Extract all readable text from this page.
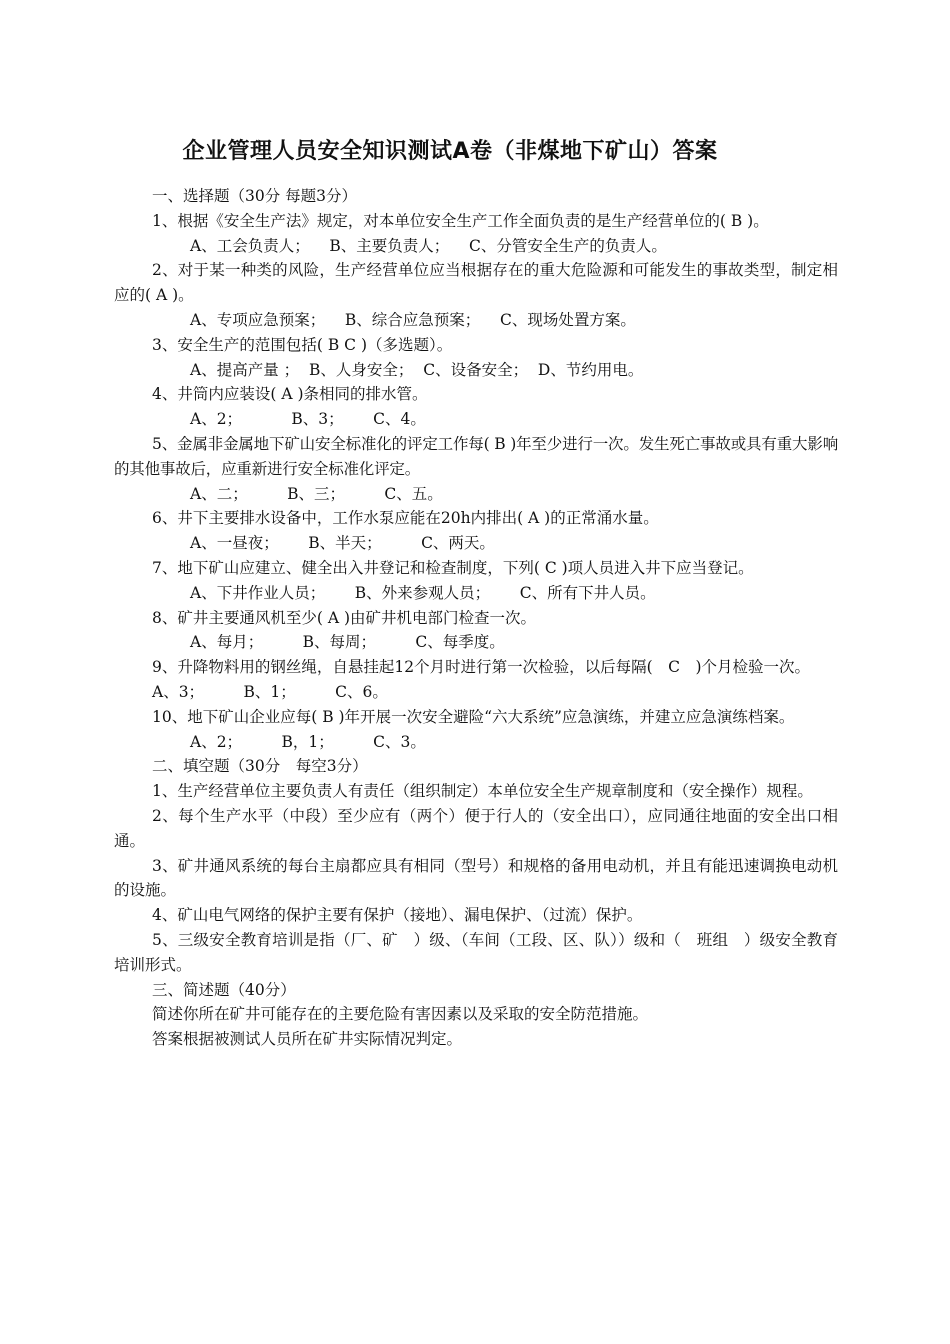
企业管理人员安全知识测试A卷（非煤地下矿山）答案

一、选择题（30分 每题3分）

1、根据《安全生产法》规定，对本单位安全生产工作全面负责的是生产经营单位的( B )。

A、工会负责人；    B、主要负责人；    C、分管安全生产的负责人。

2、对于某一种类的风险，生产经营单位应当根据存在的重大危险源和可能发生的事故类型，制定相应的( A )。

A、专项应急预案；    B、综合应急预案；    C、现场处置方案。

3、安全生产的范围包括( B C )（多选题）。

A、提高产量 ；  B、人身安全；  C、设备安全；  D、节约用电。

4、井筒内应装设( A )条相同的排水管。

A、2；          B、3；      C、4。

5、金属非金属地下矿山安全标准化的评定工作每( B )年至少进行一次。发生死亡事故或具有重大影响的其他事故后，应重新进行安全标准化评定。

A、二；        B、三；        C、五。

6、井下主要排水设备中，工作水泵应能在20h内排出( A )的正常涌水量。

A、一昼夜；      B、半天；        C、两天。

7、地下矿山应建立、健全出入井登记和检查制度，下列( C )项人员进入井下应当登记。

A、下井作业人员；      B、外来参观人员；      C、所有下井人员。

8、矿井主要通风机至少( A )由矿井机电部门检查一次。

A、每月；        B、每周；        C、每季度。

9、升降物料用的钢丝绳，自悬挂起12个月时进行第一次检验，以后每隔(　C　)个月检验一次。

A、3；        B、1；        C、6。

10、地下矿山企业应每( B )年开展一次安全避险“六大系统”应急演练，并建立应急演练档案。

A、2；        B，1；        C、3。

二、填空题（30分　每空3分）

1、生产经营单位主要负责人有责任（组织制定）本单位安全生产规章制度和（安全操作）规程。

2、每个生产水平（中段）至少应有（两个）便于行人的（安全出口），应同通往地面的安全出口相通。

3、矿井通风系统的每台主扇都应具有相同（型号）和规格的备用电动机，并且有能迅速调换电动机的设施。

4、矿山电气网络的保护主要有保护（接地）、漏电保护、（过流）保护。

5、三级安全教育培训是指（厂、矿　）级、（车间（工段、区、队））级和（　班组　）级安全教育培训形式。

三、简述题（40分）

简述你所在矿井可能存在的主要危险有害因素以及采取的安全防范措施。

答案根据被测试人员所在矿井实际情况判定。
